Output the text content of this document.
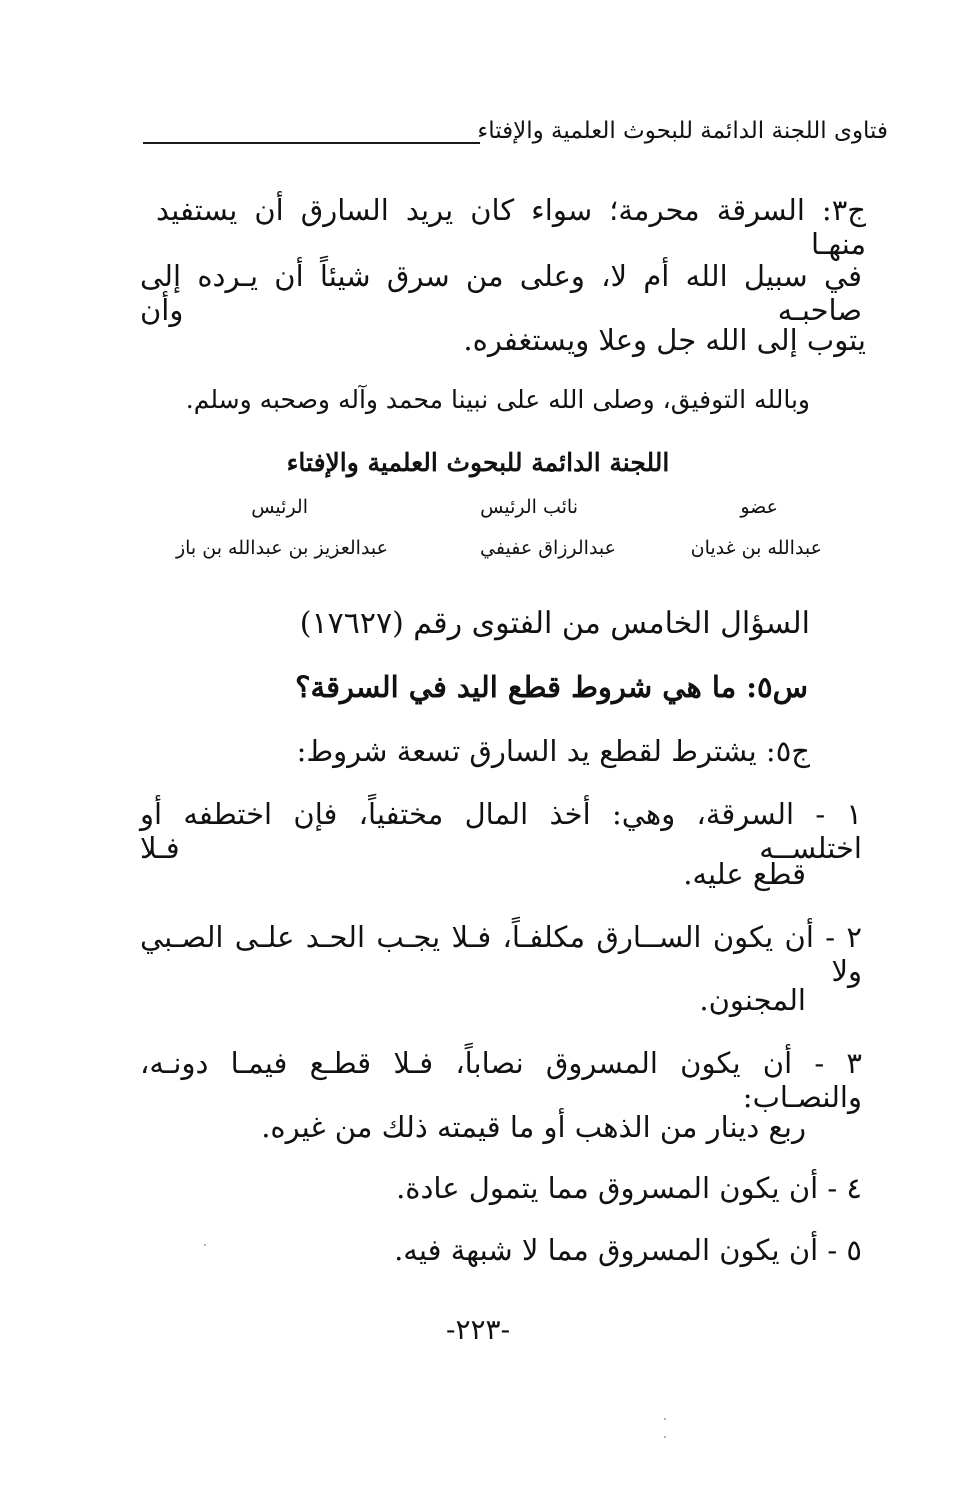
فتاوى اللجنة الدائمة للبحوث العلمية والإفتاء
ج٣: السرقة محرمة؛ سواء كان يريد السارق أن يستفيد منهـا
في سبيل الله أم لا، وعلى من سرق شيئاً أن يـرده إلى صاحبـه وأن
يتوب إلى الله جل وعلا ويستغفره.
وبالله التوفيق، وصلى الله على نبينا محمد وآله وصحبه وسلم.
اللجنة الدائمة للبحوث العلمية والإفتاء
عضو
نائب الرئيس
الرئيس
عبدالله بن غديان
عبدالرزاق عفيفي
عبدالعزيز بن عبدالله بن باز
السؤال الخامس من الفتوى رقم (١٧٦٢٧)
س٥: ما هي شروط قطع اليد في السرقة؟
ج٥: يشترط لقطع يد السارق تسعة شروط:
١ - السرقة، وهي: أخذ المال مختفياً، فإن اختطفه أو اختلســه فـلا
قطع عليه.
٢ - أن يكون الســارق مكلفـاً، فـلا يجـب الحـد علـى الصـبي ولا
المجنون.
٣ - أن يكون المسروق نصاباً، فـلا قطـع فيمـا دونـه، والنصـاب:
ربع دينار من الذهب أو ما قيمته ذلك من غيره.
٤ - أن يكون المسروق مما يتمول عادة.
٥ - أن يكون المسروق مما لا شبهة فيه.
-٢٢٣-
